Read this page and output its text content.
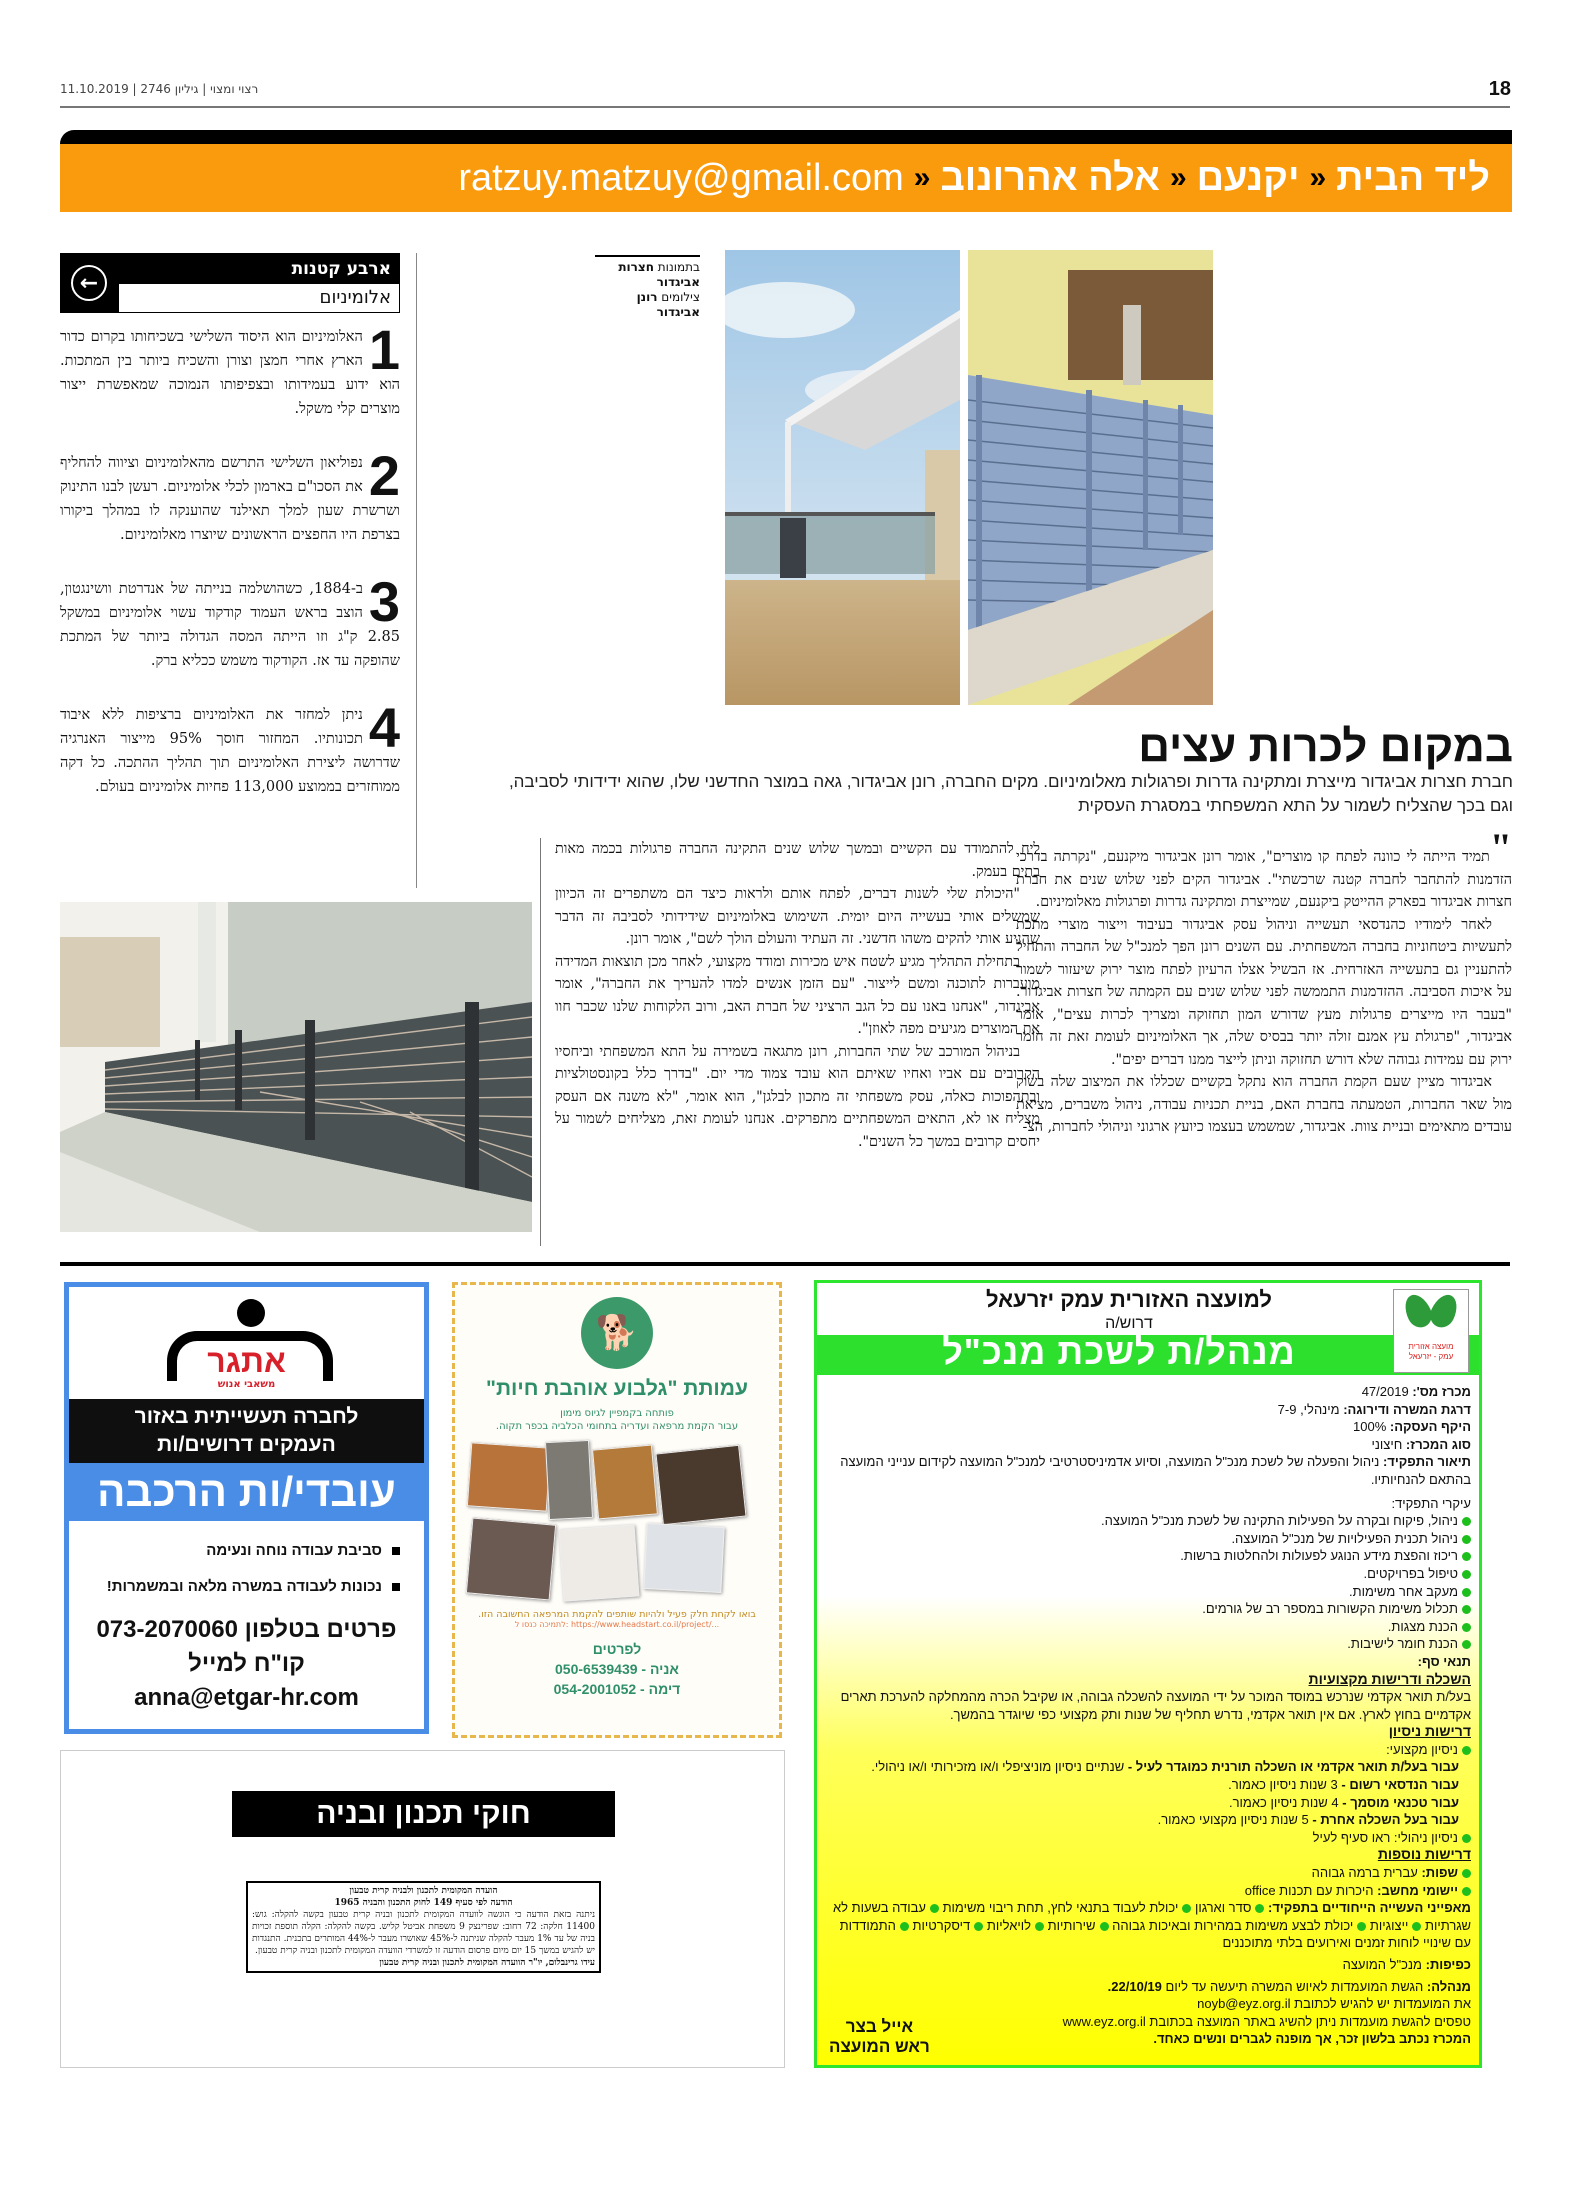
רצוי ומצוי | גיליון 2746 | 11.10.2019	18
ליד הבית
«
יקנעם
«
אלה אהרונוב
«
ratzuy.matzuy@gmail.com
ארבע קטנות
אלומיניום
←
1
האלומיניום הוא היסוד השלישי בשכיחותו בקרום כדור הארץ אחרי חמצן וצורן והשכיח ביותר בין המתכות. הוא ידוע בעמידותו ובצפיפותו הנמוכה שמאפשרת ייצור מוצרים קלי משקל.
2
נפוליאון השלישי התרשם מהאלומיניום וציווה להחליף את הסכו"ם בארמון לכלי אלומיניום. רעשן לבנו התינוק ושרשרת שעון למלך תאילנד שהוענקה לו במהלך ביקורו בצרפת היו החפצים הראשונים שיוצרו מאלומיניום.
3
ב-1884, כשהושלמה בנייתה של אנדרטת וושינגטון, הוצב בראש העמוד קודקוד עשוי אלומיניום במשקל 2.85 ק"ג וזו הייתה המסה הגדולה ביותר של המתכת שהופקה עד אז. הקודקוד משמש ככליא ברק.
4
ניתן למחזר את האלומיניום ברציפות ללא איבוד תכונותיו. המחזור חוסך 95% מייצור האנרגיה שדרושה ליצירת האלומיניום תוך תהליך ההתכה. כל דקה ממוחזרים בממוצע 113,000 פחיות אלומיניום בעולם.
בתמונות חצרות
אביגדור
צילומים רונן אביגדור
במקום לכרות עצים
חברת חצרות אביגדור מייצרת ומתקינה גדרות ופרגולות מאלומיניום. מקים החברה, רונן אביגדור, גאה במוצר החדשני שלו, שהוא ידידותי לסביבה, וגם בכך שהצליח לשמור על התא המשפחתי במסגרת העסקית

"תמיד הייתה לי כוונה לפתח קו מוצרים", אומר רונן אביגדור מיקנעם, "נקרתה בדרכי הזדמנות להתחבר לחברה קטנה שרכשתי". אביגדור הקים לפני שלוש שנים את חברת חצרות אביגדור בפארק ההייטק ביקנעם, שמייצרת ומתקינה גדרות ופרגולות מאלומיניום.

לאחר לימודיו כהנדסאי תעשייה וניהול עסק אביגדור בעיבוד וייצור מוצרי מתכת לתעשיות ביטחוניות בחברה המשפחתית. עם השנים רונן הפך למנכ"ל של החברה והתחיל להתעניין גם בתעשייה האזרחית. אז הבשיל אצלו הרעיון לפתח מוצר ירוק שיעזור לשמור על איכות הסביבה. ההזדמנות התממשה לפני שלוש שנים עם הקמתה של חצרות אביגדור. "בעבר היו מייצרים פרגולות מעץ שדורש המון תחזוקה ומצריך לכרות עצים", אומר אביגדור, "פרגולת עץ אמנם זולה יותר בבסיס שלה, אך האלומיניום לעומת זאת זה חומר ירוק עם עמידות גבוהה שלא דורש תחזוקה וניתן לייצר ממנו דברים יפים".

אביגדור מציין שעם הקמת החברה הוא נתקל בקשיים שכללו את המיצוב שלה בשוק מול שאר החברות, הטמעתה בחברת האם, בניית תכניות עבודה, ניהול משברים, מציאת עובדים מתאימים ובניית צוות. אביגדור, שמשמש בעצמו כיועץ ארגוני וניהולי לחברות, הצ-

ליח להתמודד עם הקשיים ובמשך שלוש שנים התקינה החברה פרגולות בכמה מאות בתים בעמק.

"היכולת שלי לשנות דברים, לפתח אותם ולראות כיצד הם משתפרים זה הכיוון שמשלים אותי בעשייה היום יומית. השימוש באלומיניום שידידותי לסביבה זה הדבר שהניע אותי להקים משהו חדשני. זה העתיד והעולם הולך לשם", אומר רונן.

בתחילת התהליך מגיע לשטח איש מכירות ומודד מקצועי, לאחר מכן תוצאות המדידה מועברות לתוכנה ומשם לייצור. "עם הזמן אנשים למדו להעריך את החברה", אומר אביגדור, "אנחנו באנו עם כל הגב הרציני של חברת האב, ורוב הלקוחות שלנו שכבר חוו את המוצרים מגיעים מפה לאוזן".

בניהול המורכב של שתי החברות, רונן מתגאה בשמירה על התא המשפחתי וביחסיו הקרובים עם אביו ואחיו שאיתם הוא עובד צמוד מדי יום. "בדרך כלל בקונסטולציות ובתהפוכות כאלה, עסק משפחתי זה מתכון לבלגן", הוא אומר, "לא משנה אם העסק מצליח או לא, התאים המשפחתיים מתפרקים. אנחנו לעומת זאת, מצליחים לשמור על יחסים קרובים במשך כל השנים".

אתגר
משאבי אנוש
לחברה תעשייתית באזור
העמקים דרושים/ות
עובדי/ות הרכבה
סביבת עבודה נוחה ונעימה
נכונות לעבודה במשרה מלאה ובמשמרות!
פרטים בטלפון 073-2070060
קו"ח למייל
anna@etgar-hr.com
🐕
עמותת "גלבוע אוהבת חיות"
פותחה בקמפיין לגיוס מימון
עבור הקמת מרפאה ועדריה בתחומי הכלביה בכפר תקוה.
בואו לקחת חלק פעיל ולהיות שותפים להקמת המרפאה החשובה הזו.
לתמיכה כנסו ל: https://www.headstart.co.il/project/...
לפרטים
אניה - 050-6539439
דימה - 054-2001052
למועצה האזורית עמק יזרעאל
דרוש/ה
מנהל/ת לשכת מנכ"ל	מועצה אזורית
עמק - יזרעאל
מכרז מס': 47/2019
דרגת המשרה ודירוגה: מינהלי, 7-9
היקף העסקה: 100%
סוג המכרז: חיצוני
תיאור התפקיד: ניהול והפעלה של לשכת מנכ"ל המועצה, וסיוע אדמיניסטרטיבי למנכ"ל המועצה לקידום ענייני המועצה בהתאם להנחיותיו.
עיקרי התפקיד:
ניהול, פיקוח ובקרה על הפעילות התקינה של לשכת מנכ"ל המועצה.
ניהול תכנית הפעילויות של מנכ"ל המועצה.
ריכוז והפצת מידע הנוגע לפעולות ולהחלטות ברשות.
טיפול בפרויקטים.
מעקב אחר משימות.
תכלול משימות הקשורות במספר רב של גורמים.
הכנת מצגות.
הכנת חומר לישיבות.
תנאי סף:
השכלה ודרישות מקצועיות
בעל/ת תואר אקדמי שנרכש במוסד המוכר על ידי המועצה להשכלה גבוהה, או שקיבל הכרה מהמחלקה להערכת תארים אקדמיים בחוץ לארץ. אם אין תואר אקדמי, נדרש תחליף של שנות ותק מקצועי כפי שיוגדר בהמשך.
דרישות ניסיון
ניסיון מקצועי:
עבור בעל/ת תואר אקדמי או השכלה תורנית כמוגדר לעיל - שנתיים ניסיון מוניציפלי ו/או מזכירותי ו/או ניהולי.
עבור הנדסאי רשום - 3 שנות ניסיון כאמור.
עבור טכנאי מוסמך - 4 שנות ניסיון כאמור.
עבור בעל השכלה אחרת - 5 שנות ניסיון מקצועי כאמור.
ניסיון ניהולי: ראו סעיף לעיל
דרישות נוספות
שפות: עברית ברמה גבוהה
יישומי מחשב: היכרות עם תכנות office
מאפייני העשייה הייחודיים בתפקיד: סדר וארגון יכולת לעבוד בתנאי לחץ, תחת ריבוי משימות עבודה בשעות לא שגרתיות ייצוגיות יכולת לבצע משימות במהירות ובאיכות גבוהה שירותיות לויאליות דיסקרטיות התמודדות עם שינויי לוחות זמנים ואירועים בלתי מתוכננים
כפיפות: מנכ"ל המועצה
מנהלה: הגשת המועמדות לאיוש המשרה תיעשה עד ליום 22/10/19.
את המועמדות יש להגיש לכתובת noyb@eyz.org.il
טפסים להגשת מועמדות ניתן להשיג באתר המועצה בכתובת www.eyz.org.il
המכרז נכתב בלשון זכר, אך מופנה לגברים ונשים כאחד.
אייל בצר
ראש המועצה
חוקי תכנון ובניה
הועדה המקומית לתכנון ולבניה קרית טבעון
הודעה לפי סעיף 149 לחוק התכנון והבניה 1965
ניתנה בזאת הודעה כי הוגשה לוועדה המקומית לתכנון ובניה קרית טבעון בקשה להקלה: גוש: 11400 חלקה: 72 רחוב: שפרינצק 9 משפחת אביטל קליש. בקשה להקלה: הקלה תוספת זכויות בניה של עד 1% מעבר להקלה שניתנה ל-45% שאושרו מעבר ל-44% המותרים בתכנית. התנגדות יש להגיש במשך 15 יום מיום פרסום הודעה זו למשרדי הוועדה המקומית לתכנון ובניה קרית טבעון.
עידו גרינבלום, יו"ר הוועדה המקומית לתכנון ובניה קרית טבעון
